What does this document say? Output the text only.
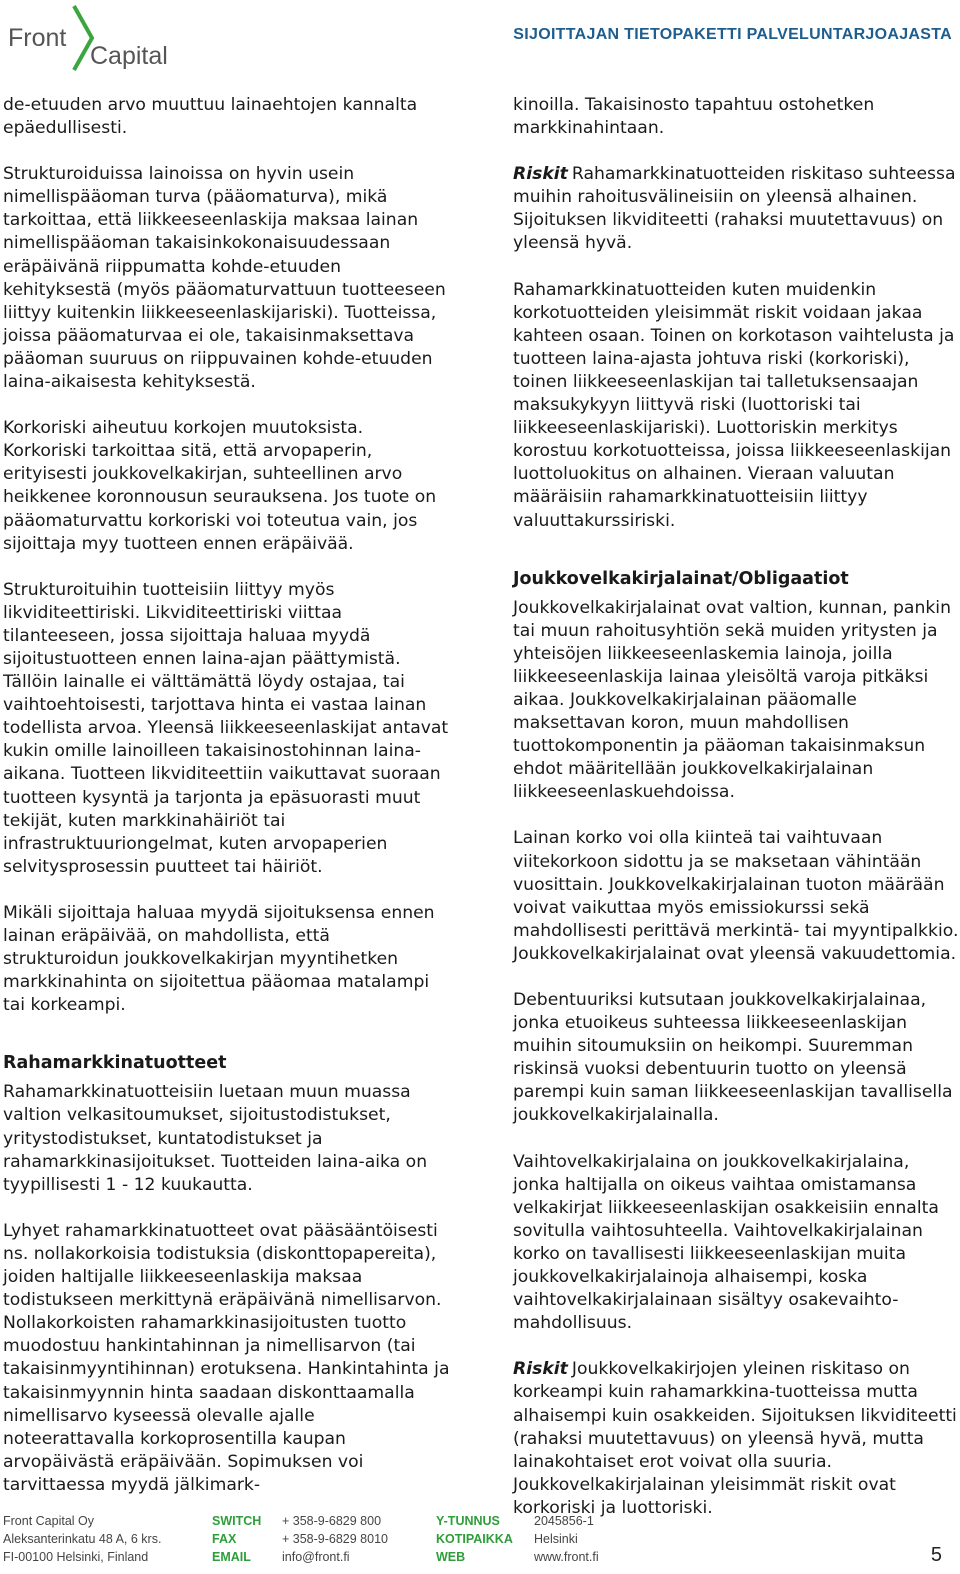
Front
Capital
SIJOITTAJAN TIETOPAKETTI PALVELUNTARJOAJASTA

de-etuuden arvo muuttuu lainaehtojen kannalta epäedullisesti.

Strukturoiduissa lainoissa on hyvin usein nimellispääoman turva (pääomaturva), mikä tarkoittaa, että liikkeeseenlaskija maksaa lainan nimellispääoman takaisinkokonaisuudessaan eräpäivänä riippumatta kohde-etuuden kehityksestä (myös pääomaturvattuun tuotteeseen liittyy kuitenkin liikkeeseenlaskijariski). Tuotteissa, joissa pääomaturvaa ei ole, takaisinmaksettava pääoman suuruus on riippuvainen kohde-etuuden laina-aikaisesta kehityksestä.

Korkoriski aiheutuu korkojen muutoksista. Korkoriski tarkoittaa sitä, että arvopaperin, erityisesti joukkovelkakirjan, suhteellinen arvo heikkenee koronnousun seurauksena. Jos tuote on pääomaturvattu korkoriski voi toteutua vain, jos sijoittaja myy tuotteen ennen eräpäivää.

Strukturoituihin tuotteisiin liittyy myös likviditeettiriski. Likviditeettiriski viittaa tilanteeseen, jossa sijoittaja haluaa myydä sijoitustuotteen ennen laina-ajan päättymistä. Tällöin lainalle ei välttämättä löydy ostajaa, tai vaihtoehtoisesti, tarjottava hinta ei vastaa lainan todellista arvoa. Yleensä liikkeeseenlaskijat antavat kukin omille lainoilleen takaisinostohinnan laina-aikana. Tuotteen likviditeettiin vaikuttavat suoraan tuotteen kysyntä ja tarjonta ja epäsuorasti muut tekijät, kuten markkinahäiriöt tai infrastruktuuriongelmat, kuten arvopaperien selvitysprosessin puutteet tai häiriöt.

Mikäli sijoittaja haluaa myydä sijoituksensa ennen lainan eräpäivää, on mahdollista, että strukturoidun joukkovelkakirjan myyntihetken markkinahinta on sijoitettua pääomaa matalampi tai korkeampi.

Rahamarkkinatuotteet

Rahamarkkinatuotteisiin luetaan muun muassa valtion velkasitoumukset, sijoitustodistukset, yritystodistukset, kuntatodistukset ja rahamarkkinasijoitukset. Tuotteiden laina-aika on tyypillisesti 1 - 12 kuukautta.

Lyhyet rahamarkkinatuotteet ovat pääsääntöisesti ns. nollakorkoisia todistuksia (diskonttopapereita), joiden haltijalle liikkeeseenlaskija maksaa todistukseen merkittynä eräpäivänä nimellisarvon. Nollakorkoisten rahamarkkinasijoitusten tuotto muodostuu hankintahinnan ja nimellisarvon (tai takaisinmyyntihinnan) erotuksena. Hankintahinta ja takaisinmyynnin hinta saadaan diskonttaamalla nimellisarvo kyseessä olevalle ajalle noteerattavalla korkoprosentilla kaupan arvopäivästä eräpäivään. Sopimuksen voi tarvittaessa myydä jälkimark-

kinoilla. Takaisinosto tapahtuu ostohetken markkinahintaan.

Riskit Rahamarkkinatuotteiden riskitaso suhteessa muihin rahoitusvälineisiin on yleensä alhainen. Sijoituksen likviditeetti (rahaksi muutettavuus) on yleensä hyvä.

Rahamarkkinatuotteiden kuten muidenkin korkotuotteiden yleisimmät riskit voidaan jakaa kahteen osaan. Toinen on korkotason vaihtelusta ja tuotteen laina-ajasta johtuva riski (korkoriski), toinen liikkeeseenlaskijan tai talletuksensaajan maksukykyyn liittyvä riski (luottoriski tai liikkeeseenlaskijariski). Luottoriskin merkitys korostuu korkotuotteissa, joissa liikkeeseenlaskijan luottoluokitus on alhainen. Vieraan valuutan määräisiin rahamarkkinatuotteisiin liittyy valuuttakurssiriski.

Joukkovelkakirjalainat/Obligaatiot

Joukkovelkakirjalainat ovat valtion, kunnan, pankin tai muun rahoitusyhtiön sekä muiden yritysten ja yhteisöjen liikkeeseenlaskemia lainoja, joilla liikkeeseenlaskija lainaa yleisöltä varoja pitkäksi aikaa. Joukkovelkakirjalainan pääomalle maksettavan koron, muun mahdollisen tuottokomponentin ja pääoman takaisinmaksun ehdot määritellään joukkovelkakirjalainan liikkeeseenlaskuehdoissa.

Lainan korko voi olla kiinteä tai vaihtuvaan viitekorkoon sidottu ja se maksetaan vähintään vuosittain. Joukkovelkakirjalainan tuoton määrään voivat vaikuttaa myös emissiokurssi sekä mahdollisesti perittävä merkintä- tai myyntipalkkio. Joukkovelkakirjalainat ovat yleensä vakuudettomia.

Debentuuriksi kutsutaan joukkovelkakirjalainaa, jonka etuoikeus suhteessa liikkeeseenlaskijan muihin sitoumuksiin on heikompi. Suuremman riskinsä vuoksi debentuurin tuotto on yleensä parempi kuin saman liikkeeseenlaskijan tavallisella joukkovelkakirjalainalla.

Vaihtovelkakirjalaina on joukkovelkakirjalaina, jonka haltijalla on oikeus vaihtaa omistamansa velkakirjat liikkeeseenlaskijan osakkeisiin ennalta sovitulla vaihtosuhteella. Vaihtovelkakirjalainan korko on tavallisesti liikkeeseenlaskijan muita joukkovelkakirjalainoja alhaisempi, koska vaihtovelkakirjalainaan sisältyy osakevaihto-mahdollisuus.

Riskit Joukkovelkakirjojen yleinen riskitaso on korkeampi kuin rahamarkkina-tuotteissa mutta alhaisempi kuin osakkeiden. Sijoituksen likviditeetti (rahaksi muutettavuus) on yleensä hyvä, mutta lainakohtaiset erot voivat olla suuria. Joukkovelkakirjalainan yleisimmät riskit ovat korkoriski ja luottoriski.

Front Capital Oy
Aleksanterinkatu 48 A, 6 krs.
FI-00100 Helsinki, Finland
SWITCH
FAX
EMAIL
+ 358-9-6829 800
+ 358-9-6829 8010
info@front.fi
Y-TUNNUS
KOTIPAIKKA
WEB
2045856-1
Helsinki
www.front.fi	5
